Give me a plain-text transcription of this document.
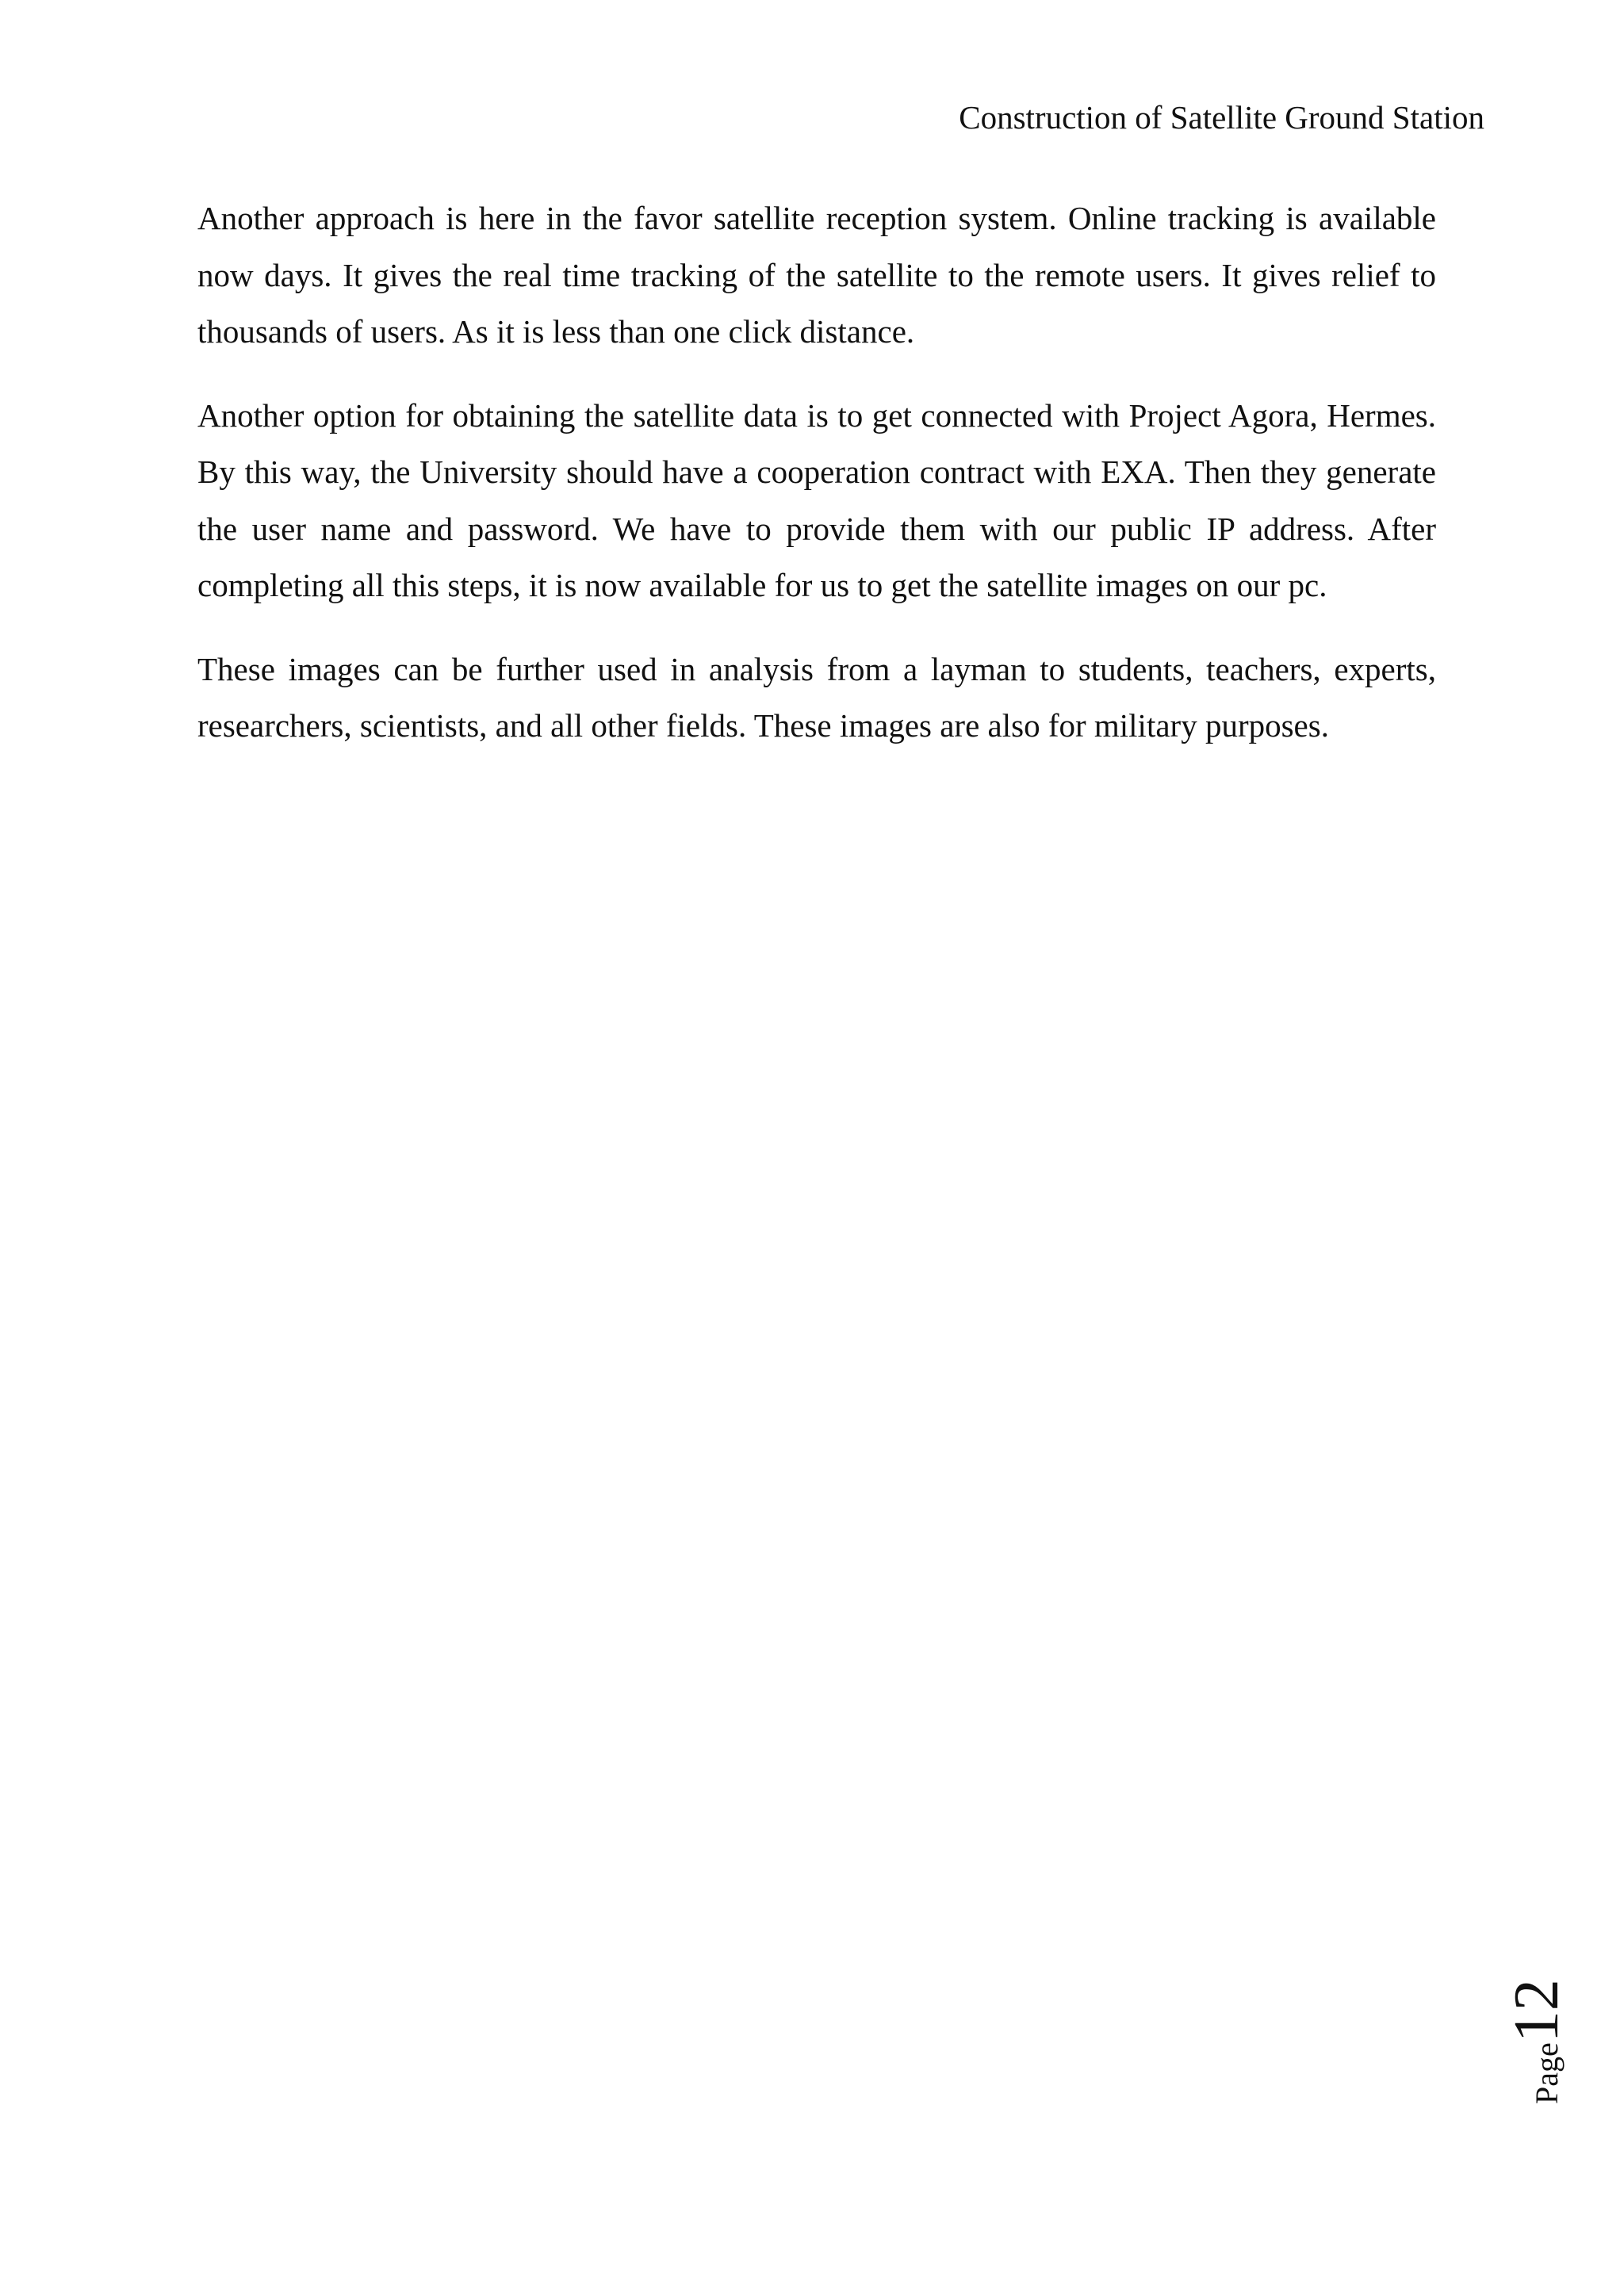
Construction of Satellite Ground Station

Another approach is here in the favor satellite reception system. Online tracking is available now days. It gives the real time tracking of the satellite to the remote users. It gives relief to thousands of users. As it is less than one click distance.

Another option for obtaining the satellite data is to get connected with Project Agora, Hermes. By this way, the University should have a cooperation contract with EXA. Then they generate the user name and password. We have to provide them with our public IP address. After completing all this steps, it is now available for us to get the satellite images on our pc.

These images can be further used in analysis from a layman to students, teachers, experts, researchers, scientists, and all other fields. These images are also for military purposes.

Page12
